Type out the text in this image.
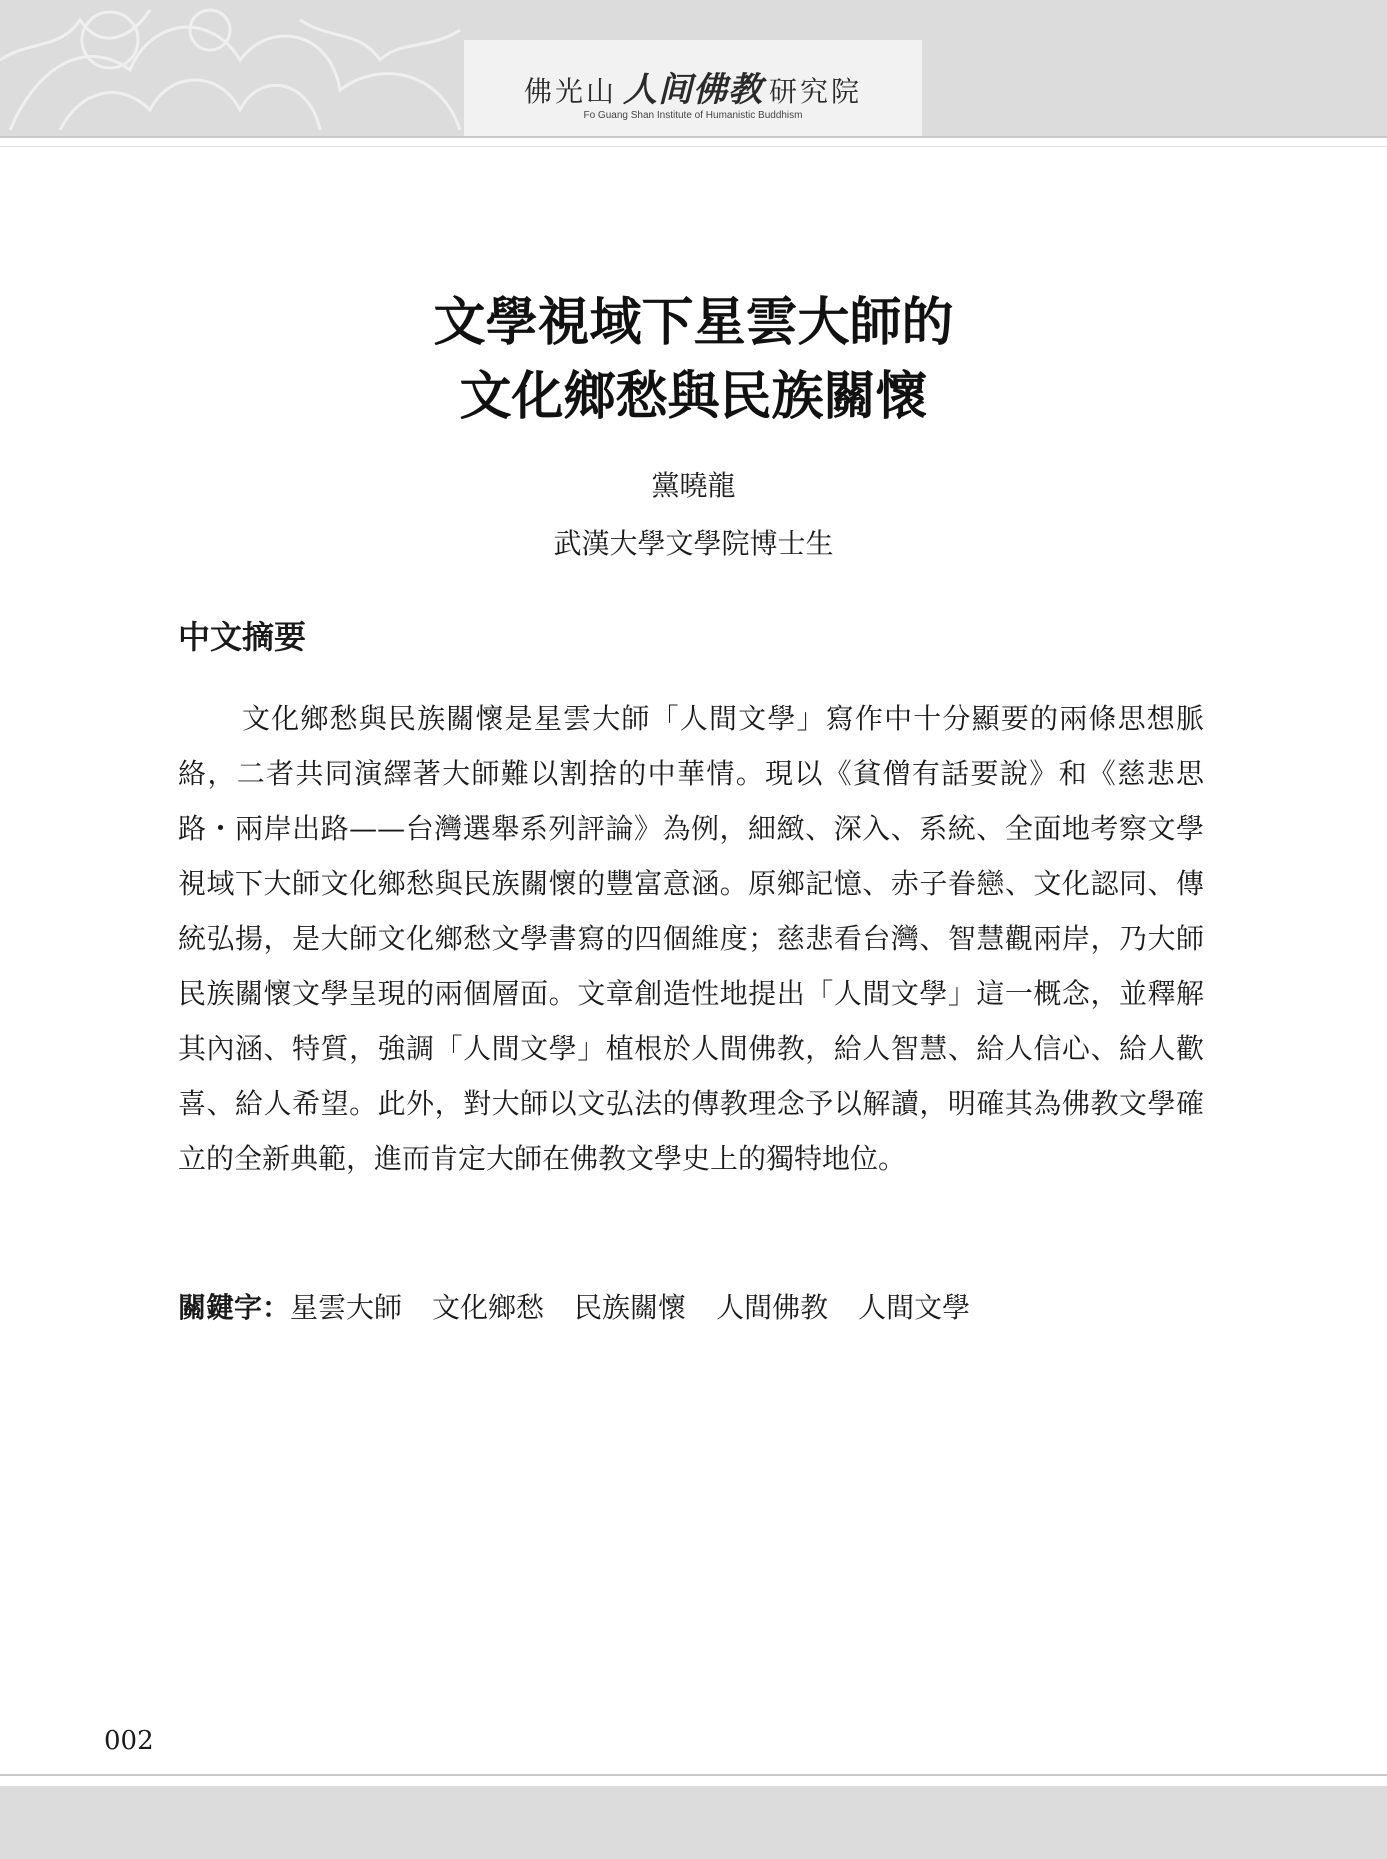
佛光山 人间佛教 研究院
Fo Guang Shan Institute of Humanistic Buddhism
文學視域下星雲大師的
文化鄉愁與民族關懷
黨曉龍
武漢大學文學院博士生
中文摘要

文化鄉愁與民族關懷是星雲大師「人間文學」寫作中十分顯要的兩條思想脈絡，二者共同演繹著大師難以割捨的中華情。現以《貧僧有話要說》和《慈悲思路・兩岸出路——台灣選舉系列評論》為例，細緻、深入、系統、全面地考察文學視域下大師文化鄉愁與民族關懷的豐富意涵。原鄉記憶、赤子眷戀、文化認同、傳統弘揚，是大師文化鄉愁文學書寫的四個維度；慈悲看台灣、智慧觀兩岸，乃大師民族關懷文學呈現的兩個層面。文章創造性地提出「人間文學」這一概念，並釋解其內涵、特質，強調「人間文學」植根於人間佛教，給人智慧、給人信心、給人歡喜、給人希望。此外，對大師以文弘法的傳教理念予以解讀，明確其為佛教文學確立的全新典範，進而肯定大師在佛教文學史上的獨特地位。

關鍵字：星雲大師 文化鄉愁 民族關懷 人間佛教 人間文學
002
